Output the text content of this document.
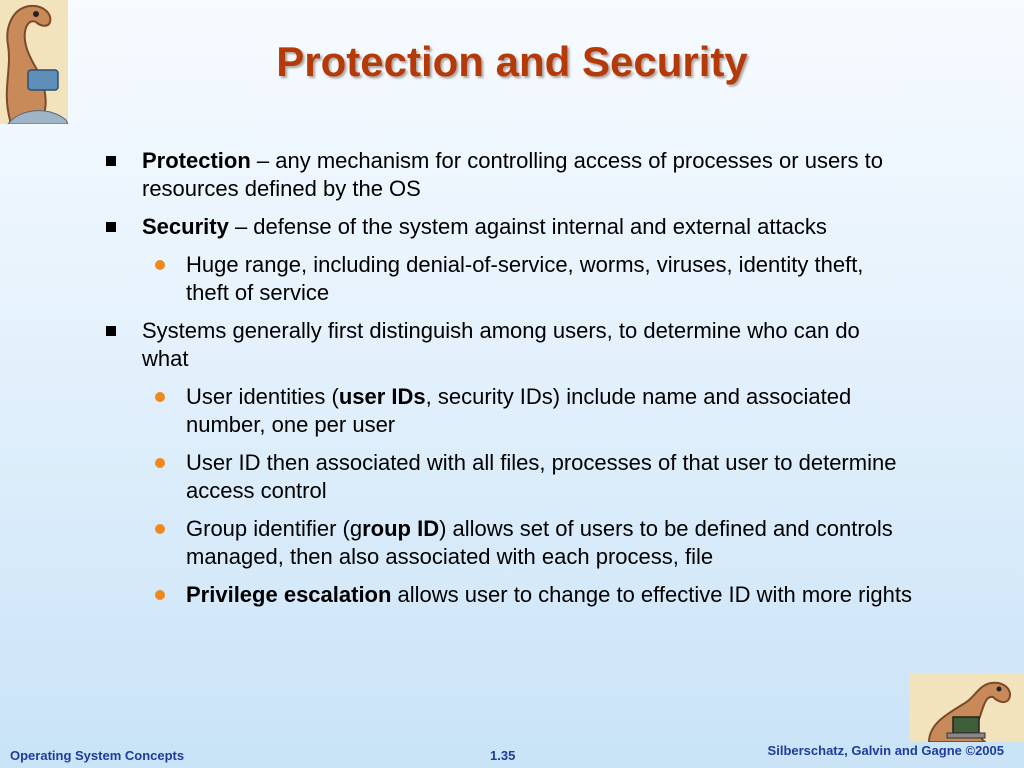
Protection and Security
Protection – any mechanism for controlling access of processes or users to resources defined by the OS
Security – defense of the system against internal and external attacks
Huge range, including denial-of-service, worms, viruses, identity theft, theft of service
Systems generally first distinguish among users, to determine who can do what
User identities (user IDs, security IDs) include name and associated number, one per user
User ID then associated with all files, processes of that user to determine access control
Group identifier (group ID) allows set of users to be defined and controls managed, then also associated with each process, file
Privilege escalation allows user to change to effective ID with more rights
Operating System Concepts	1.35	Silberschatz, Galvin and Gagne ©2005
